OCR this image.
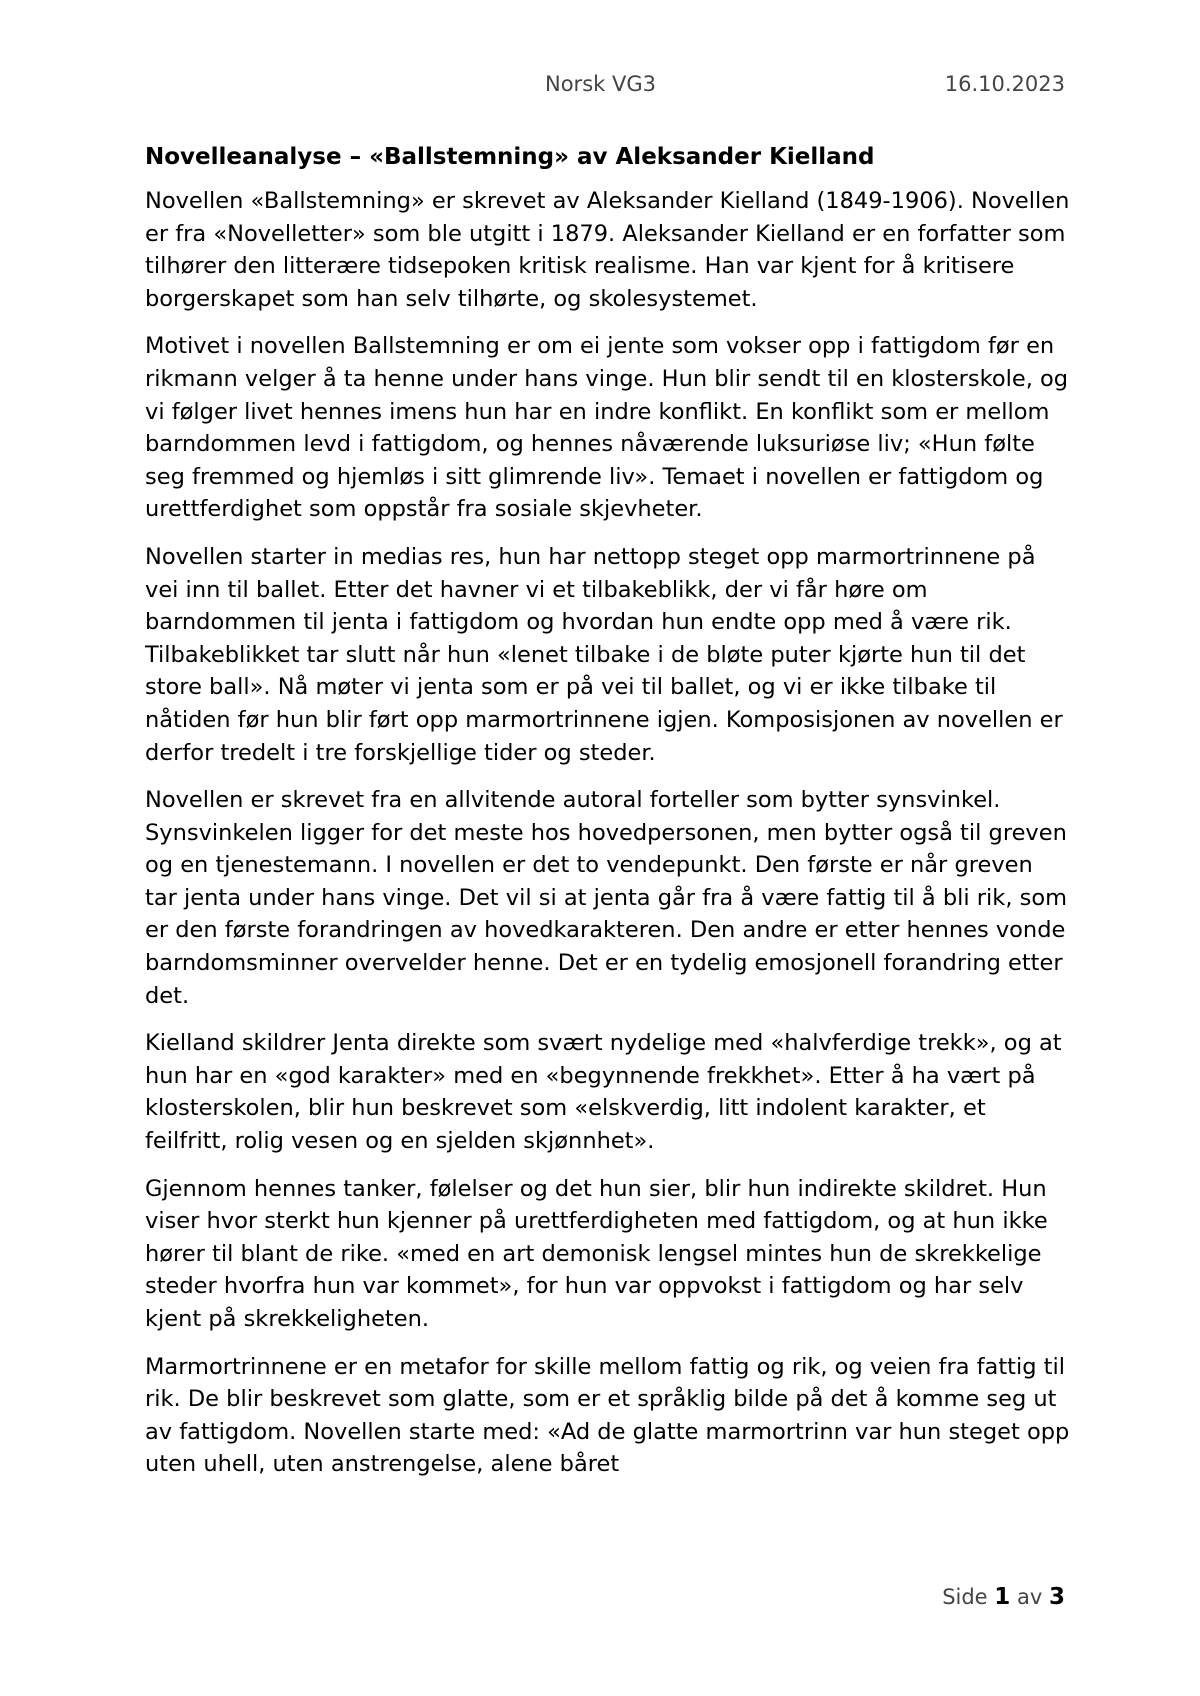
Norsk VG3	16.10.2023
Novelleanalyse – «Ballstemning» av Aleksander Kielland

Novellen «Ballstemning» er skrevet av Aleksander Kielland (1849-1906). Novellen er fra «Novelletter» som ble utgitt i 1879. Aleksander Kielland er en forfatter som tilhører den litterære tidsepoken kritisk realisme. Han var kjent for å kritisere borgerskapet som han selv tilhørte, og skolesystemet.

Motivet i novellen Ballstemning er om ei jente som vokser opp i fattigdom før en rikmann velger å ta henne under hans vinge. Hun blir sendt til en klosterskole, og vi følger livet hennes imens hun har en indre konflikt. En konflikt som er mellom barndommen levd i fattigdom, og hennes nåværende luksuriøse liv; «Hun følte seg fremmed og hjemløs i sitt glimrende liv». Temaet i novellen er fattigdom og urettferdighet som oppstår fra sosiale skjevheter.

Novellen starter in medias res, hun har nettopp steget opp marmortrinnene på vei inn til ballet. Etter det havner vi et tilbakeblikk, der vi får høre om barndommen til jenta i fattigdom og hvordan hun endte opp med å være rik. Tilbakeblikket tar slutt når hun «lenet tilbake i de bløte puter kjørte hun til det store ball». Nå møter vi jenta som er på vei til ballet, og vi er ikke tilbake til nåtiden før hun blir ført opp marmortrinnene igjen. Komposisjonen av novellen er derfor tredelt i tre forskjellige tider og steder.

Novellen er skrevet fra en allvitende autoral forteller som bytter synsvinkel. Synsvinkelen ligger for det meste hos hovedpersonen, men bytter også til greven og en tjenestemann. I novellen er det to vendepunkt. Den første er når greven tar jenta under hans vinge. Det vil si at jenta går fra å være fattig til å bli rik, som er den første forandringen av hovedkarakteren. Den andre er etter hennes vonde barndomsminner overvelder henne. Det er en tydelig emosjonell forandring etter det.

Kielland skildrer Jenta direkte som svært nydelige med «halvferdige trekk», og at hun har en «god karakter» med en «begynnende frekkhet». Etter å ha vært på klosterskolen, blir hun beskrevet som «elskverdig, litt indolent karakter, et feilfritt, rolig vesen og en sjelden skjønnhet».

Gjennom hennes tanker, følelser og det hun sier, blir hun indirekte skildret. Hun viser hvor sterkt hun kjenner på urettferdigheten med fattigdom, og at hun ikke hører til blant de rike. «med en art demonisk lengsel mintes hun de skrekkelige steder hvorfra hun var kommet», for hun var oppvokst i fattigdom og har selv kjent på skrekkeligheten.

Marmortrinnene er en metafor for skille mellom fattig og rik, og veien fra fattig til rik. De blir beskrevet som glatte, som er et språklig bilde på det å komme seg ut av fattigdom. Novellen starte med: «Ad de glatte marmortrinn var hun steget opp uten uhell, uten anstrengelse, alene båret

Side 1 av 3
